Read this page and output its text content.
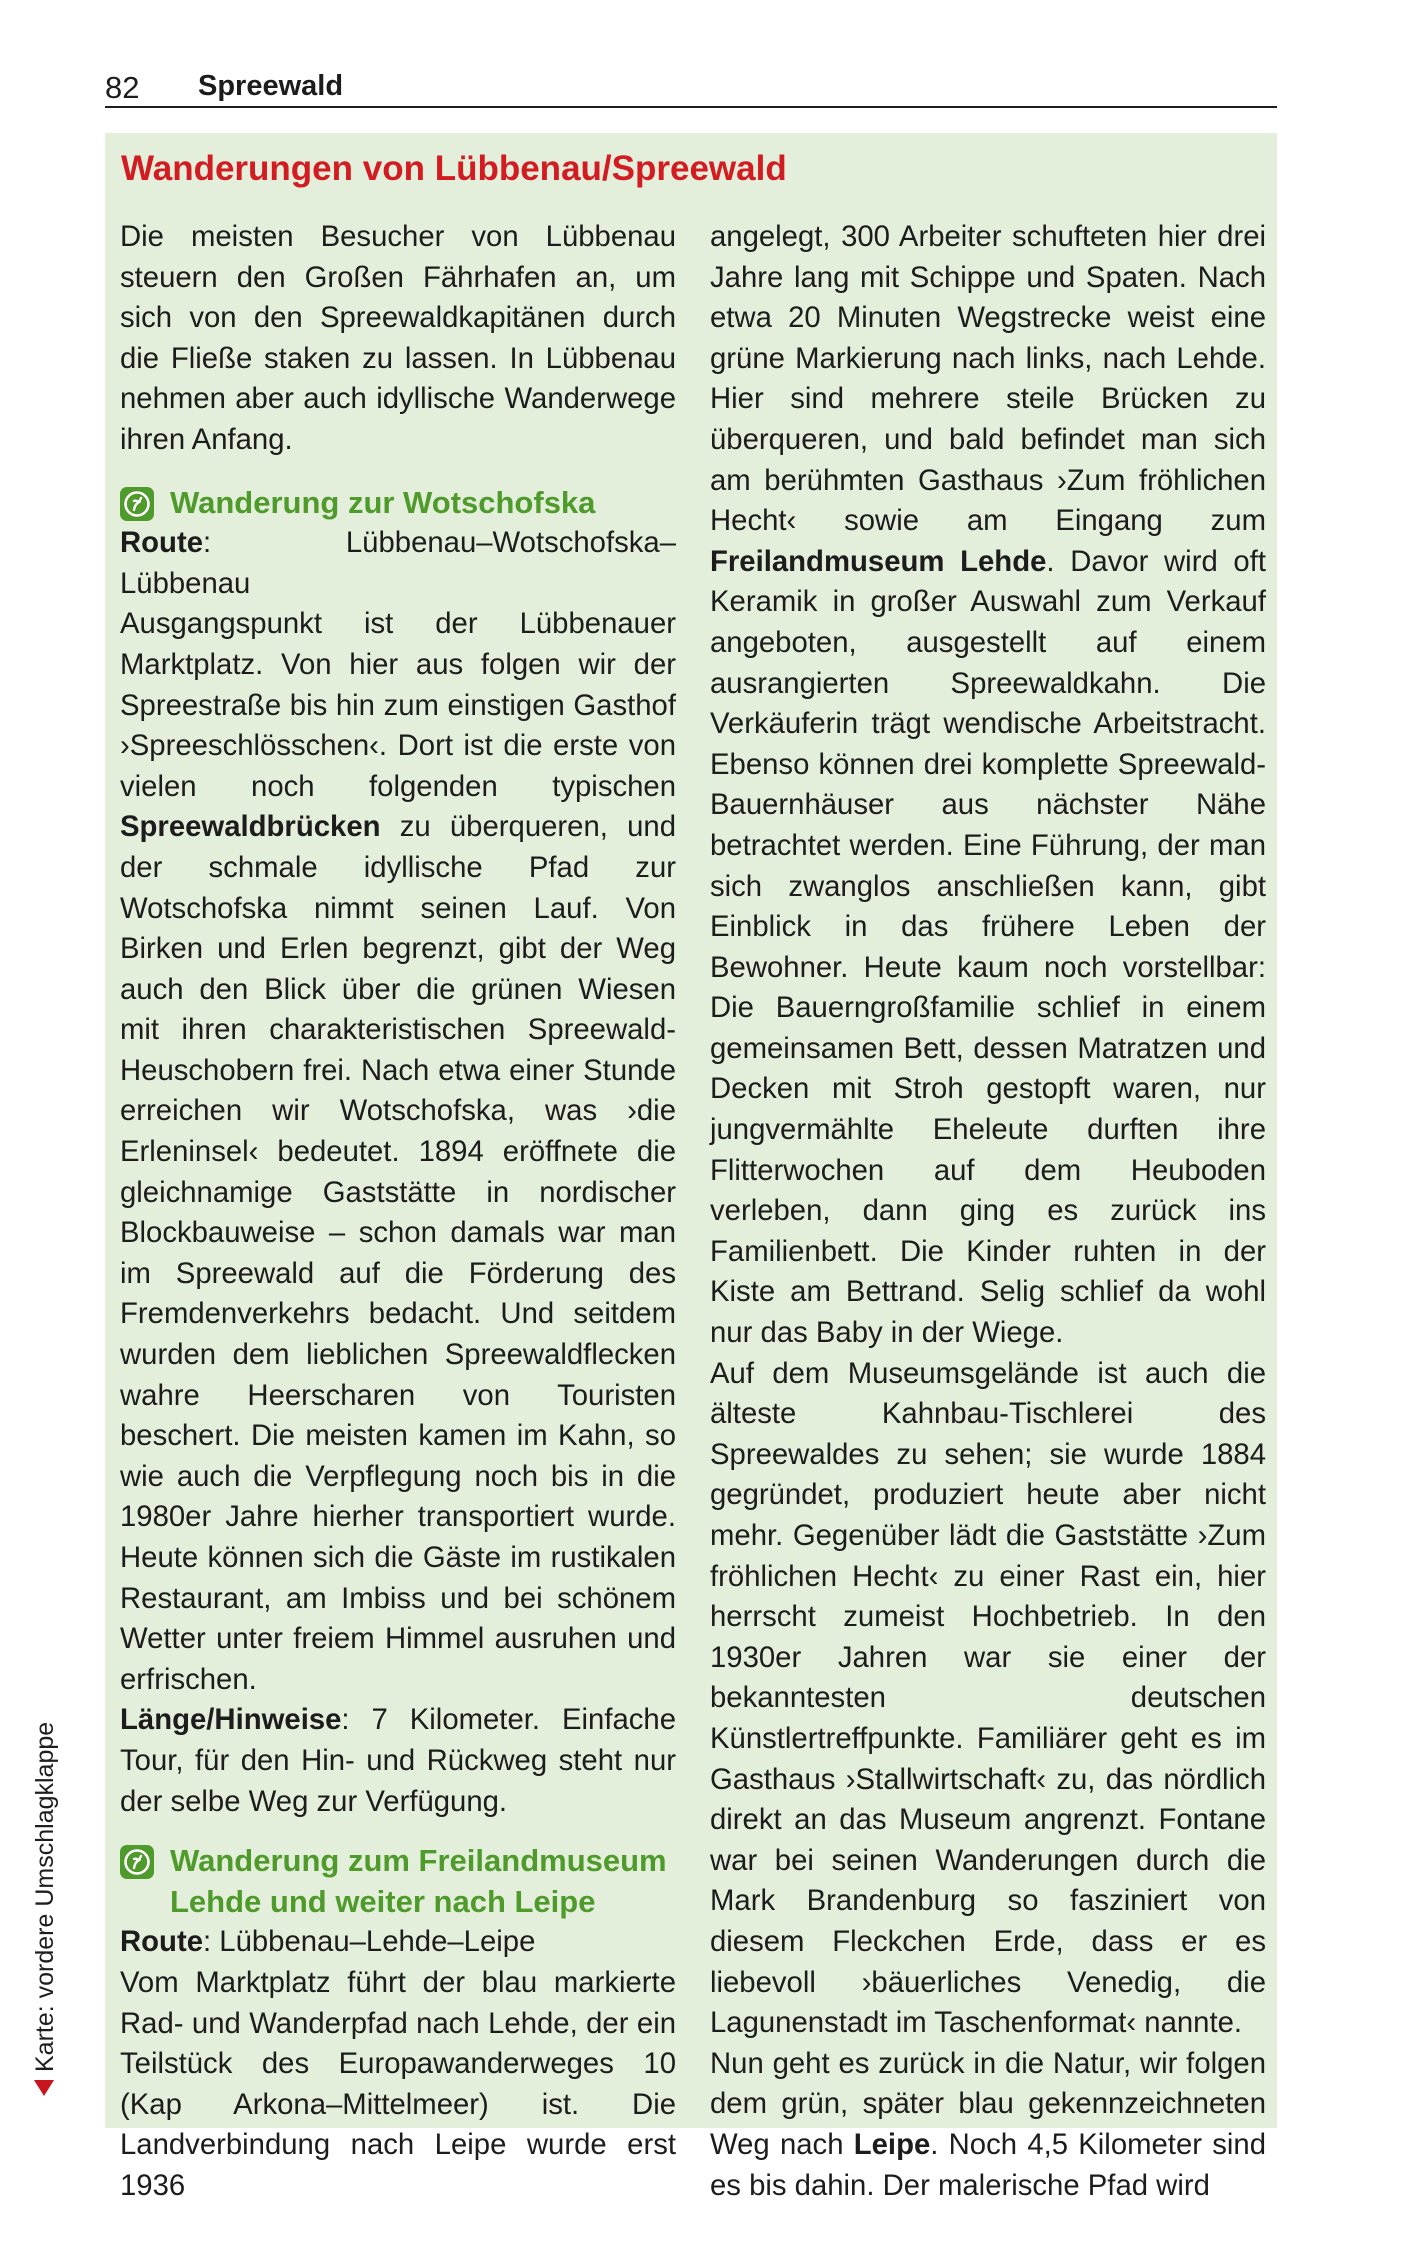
82 Spreewald
Wanderungen von Lübbenau/Spreewald

Die meisten Besucher von Lübbenau steuern den Großen Fährhafen an, um sich von den Spreewaldkapitänen durch die Fließe staken zu lassen. In Lübbenau nehmen aber auch idyllische Wanderwege ihren Anfang.

Wanderung zur Wotschofska

Route: Lübbenau–Wotschofska–Lübbenau

Ausgangspunkt ist der Lübbenauer Marktplatz. Von hier aus folgen wir der Spreestraße bis hin zum einstigen Gasthof ›Spreeschlösschen‹. Dort ist die erste von vielen noch folgenden typischen Spreewaldbrücken zu überqueren, und der schmale idyllische Pfad zur Wotschofska nimmt seinen Lauf. Von Birken und Erlen begrenzt, gibt der Weg auch den Blick über die grünen Wiesen mit ihren charakteristischen Spreewald-Heuschobern frei. Nach etwa einer Stunde erreichen wir Wotschofska, was ›die Erleninsel‹ bedeutet. 1894 eröffnete die gleichnamige Gaststätte in nordischer Blockbauweise – schon damals war man im Spreewald auf die Förderung des Fremdenverkehrs bedacht. Und seitdem wurden dem lieblichen Spreewaldflecken wahre Heerscharen von Touristen beschert. Die meisten kamen im Kahn, so wie auch die Verpflegung noch bis in die 1980er Jahre hierher transportiert wurde. Heute können sich die Gäste im rustikalen Restaurant, am Imbiss und bei schönem Wetter unter freiem Himmel ausruhen und erfrischen.

Länge/Hinweise: 7 Kilometer. Einfache Tour, für den Hin- und Rückweg steht nur der selbe Weg zur Verfügung.

Wanderung zum Freilandmuseum
Lehde und weiter nach Leipe

Route: Lübbenau–Lehde–Leipe

Vom Marktplatz führt der blau markierte Rad- und Wanderpfad nach Lehde, der ein Teilstück des Europawanderweges 10 (Kap Arkona–Mittelmeer) ist. Die Landverbindung nach Leipe wurde erst 1936

angelegt, 300 Arbeiter schufteten hier drei Jahre lang mit Schippe und Spaten. Nach etwa 20 Minuten Wegstrecke weist eine grüne Markierung nach links, nach Lehde. Hier sind mehrere steile Brücken zu überqueren, und bald befindet man sich am berühmten Gasthaus ›Zum fröhlichen Hecht‹ sowie am Eingang zum Freilandmuseum Lehde. Davor wird oft Keramik in großer Auswahl zum Verkauf angeboten, ausgestellt auf einem ausrangierten Spreewaldkahn. Die Verkäuferin trägt wendische Arbeitstracht. Ebenso können drei komplette Spreewald-Bauernhäuser aus nächster Nähe betrachtet werden. Eine Führung, der man sich zwanglos anschließen kann, gibt Einblick in das frühere Leben der Bewohner. Heute kaum noch vorstellbar: Die Bauerngroßfamilie schlief in einem gemeinsamen Bett, dessen Matratzen und Decken mit Stroh gestopft waren, nur jungvermählte Eheleute durften ihre Flitterwochen auf dem Heuboden verleben, dann ging es zurück ins Familienbett. Die Kinder ruhten in der Kiste am Bettrand. Selig schlief da wohl nur das Baby in der Wiege.

Auf dem Museumsgelände ist auch die älteste Kahnbau-Tischlerei des Spreewaldes zu sehen; sie wurde 1884 gegründet, produziert heute aber nicht mehr. Gegenüber lädt die Gaststätte ›Zum fröhlichen Hecht‹ zu einer Rast ein, hier herrscht zumeist Hochbetrieb. In den 1930er Jahren war sie einer der bekanntesten deutschen Künstlertreffpunkte. Familiärer geht es im Gasthaus ›Stallwirtschaft‹ zu, das nördlich direkt an das Museum angrenzt. Fontane war bei seinen Wanderungen durch die Mark Brandenburg so fasziniert von diesem Fleckchen Erde, dass er es liebevoll ›bäuerliches Venedig, die Lagunenstadt im Taschenformat‹ nannte.

Nun geht es zurück in die Natur, wir folgen dem grün, später blau gekennzeichneten Weg nach Leipe. Noch 4,5 Kilometer sind es bis dahin. Der malerische Pfad wird

Karte: vordere Umschlagklappe
